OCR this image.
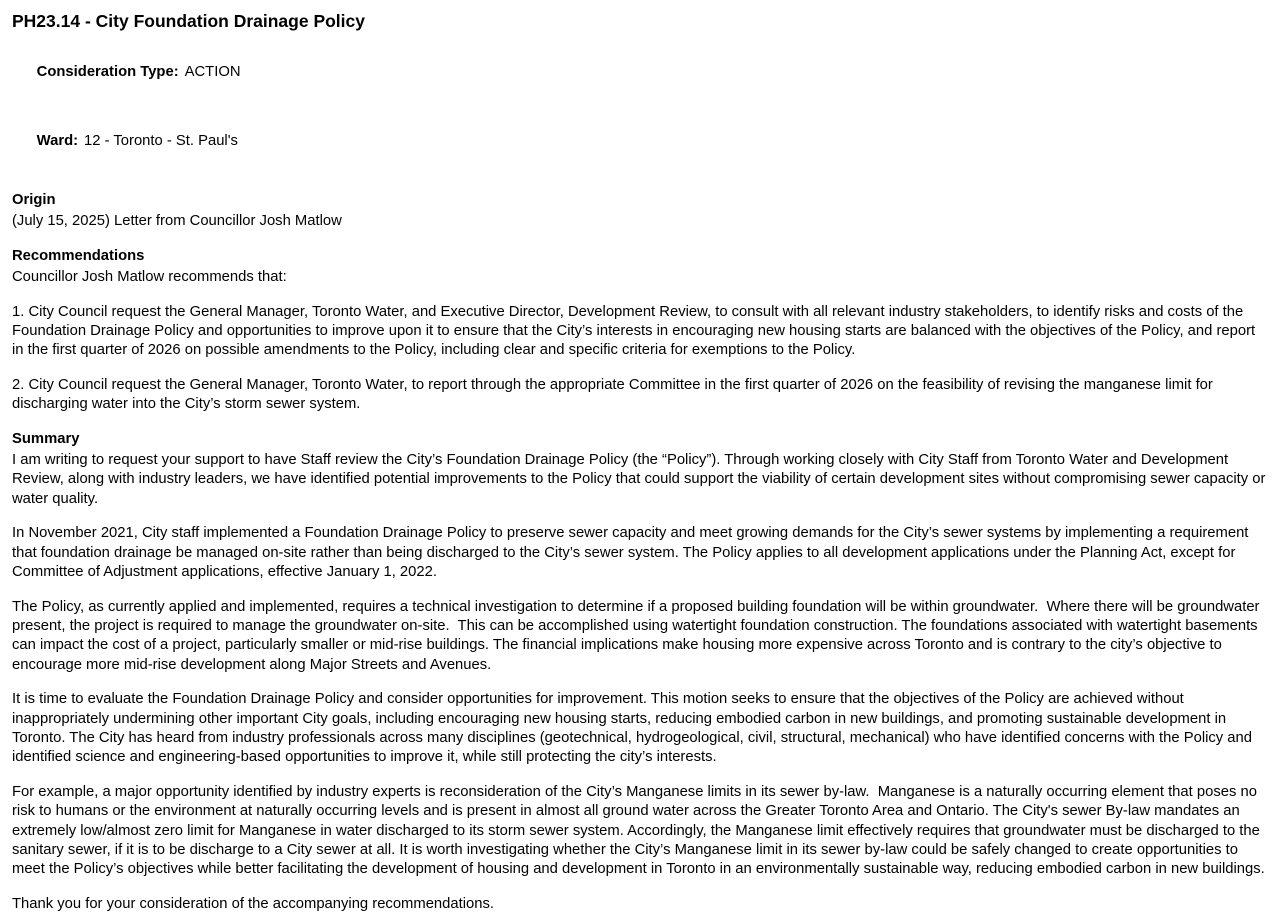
PH23.14 - City Foundation Drainage Policy

Consideration Type: ACTION

Ward: 12 - Toronto - St. Paul's

Origin

(July 15, 2025) Letter from Councillor Josh Matlow

Recommendations

Councillor Josh Matlow recommends that:

1. City Council request the General Manager, Toronto Water, and Executive Director, Development Review, to consult with all relevant industry stakeholders, to identify risks and costs of the Foundation Drainage Policy and opportunities to improve upon it to ensure that the City’s interests in encouraging new housing starts are balanced with the objectives of the Policy, and report  in the first quarter of 2026 on possible amendments to the Policy, including clear and specific criteria for exemptions to the Policy.

2. City Council request the General Manager, Toronto Water, to report through the appropriate Committee in the first quarter of 2026 on the feasibility of revising the manganese limit for discharging water into the City’s storm sewer system.

Summary

I am writing to request your support to have Staff review the City’s Foundation Drainage Policy (the “Policy”). Through working closely with City Staff from Toronto Water and Development Review, along with industry leaders, we have identified potential improvements to the Policy that could support the viability of certain development sites without compromising sewer capacity or water quality.

In November 2021, City staff implemented a Foundation Drainage Policy to preserve sewer capacity and meet growing demands for the City’s sewer systems by implementing a requirement that foundation drainage be managed on-site rather than being discharged to the City’s sewer system. The Policy applies to all development applications under the Planning Act, except for Committee of Adjustment applications, effective January 1, 2022.

The Policy, as currently applied and implemented, requires a technical investigation to determine if a proposed building foundation will be within groundwater.  Where there will be groundwater present, the project is required to manage the groundwater on-site.  This can be accomplished using watertight foundation construction. The foundations associated with watertight basements can impact the cost of a project, particularly smaller or mid-rise buildings. The financial implications make housing more expensive across Toronto and is contrary to the city’s objective to encourage more mid-rise development along Major Streets and Avenues.

It is time to evaluate the Foundation Drainage Policy and consider opportunities for improvement. This motion seeks to ensure that the objectives of the Policy are achieved without inappropriately undermining other important City goals, including encouraging new housing starts, reducing embodied carbon in new buildings, and promoting sustainable development in Toronto. The City has heard from industry professionals across many disciplines (geotechnical, hydrogeological, civil, structural, mechanical) who have identified concerns with the Policy and identified science and engineering-based opportunities to improve it, while still protecting the city’s interests.

For example, a major opportunity identified by industry experts is reconsideration of the City’s Manganese limits in its sewer by-law.  Manganese is a naturally occurring element that poses no risk to humans or the environment at naturally occurring levels and is present in almost all ground water across the Greater Toronto Area and Ontario. The City's sewer By-law mandates an extremely low/almost zero limit for Manganese in water discharged to its storm sewer system. Accordingly, the Manganese limit effectively requires that groundwater must be discharged to the sanitary sewer, if it is to be discharge to a City sewer at all. It is worth investigating whether the City’s Manganese limit in its sewer by-law could be safely changed to create opportunities to meet the Policy’s objectives while better facilitating the development of housing and development in Toronto in an environmentally sustainable way, reducing embodied carbon in new buildings.

Thank you for your consideration of the accompanying recommendations.
